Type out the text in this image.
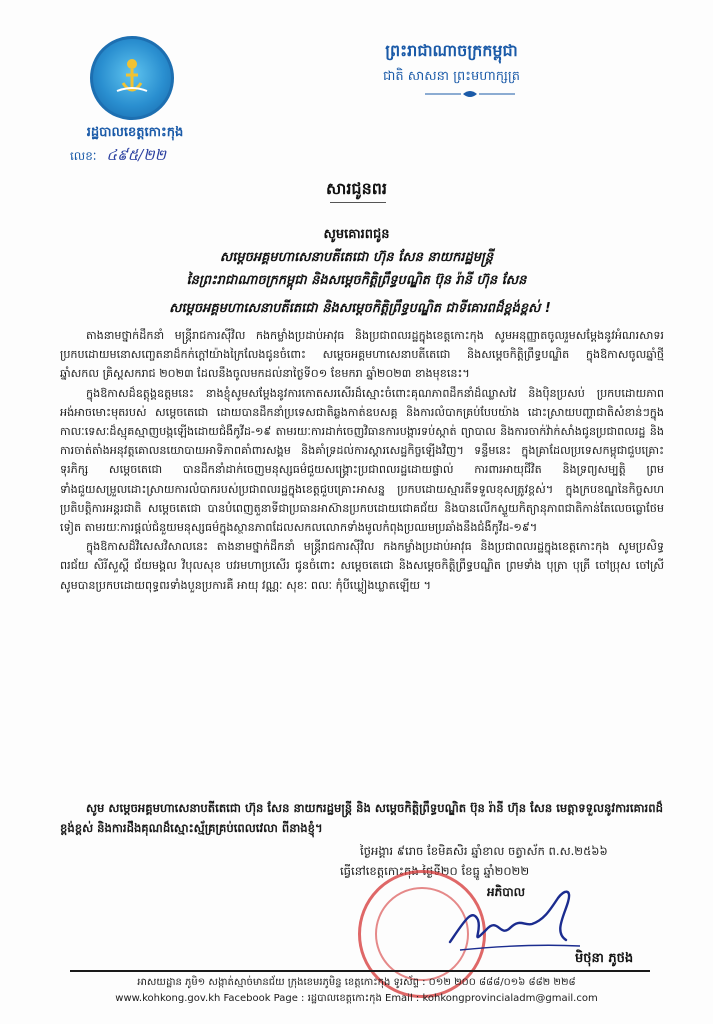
រដ្ឋបាលខេត្តកោះកុង
លេខៈ ៤៩៥/២២
ព្រះរាជាណាចក្រកម្ពុជា
ជាតិ សាសនា ព្រះមហាក្សត្រ
សារជូនពរ
សូមគោរពជូន
សម្តេចអគ្គមហាសេនាបតីតេជោ ហ៊ុន សែន នាយករដ្ឋមន្ត្រី
នៃព្រះរាជាណាចក្រកម្ពុជា និងសម្តេចកិត្តិព្រឹទ្ធបណ្ឌិត ប៊ុន រ៉ានី ហ៊ុន សែន
សម្តេចអគ្គមហាសេនាបតីតេជោ និងសម្តេចកិត្តិព្រឹទ្ធបណ្ឌិត ជាទីគោរពដ៏ខ្ពង់ខ្ពស់ !

តាងនាមថ្នាក់ដឹកនាំ មន្ត្រីរាជការស៊ីវិល កងកម្លាំងប្រដាប់អាវុធ និងប្រជាពលរដ្ឋក្នុងខេត្តកោះកុង សូមអនុញ្ញាតចូលរួមសម្តែងនូវអំណរសាទរ ប្រកបដោយមនោសញ្ចេតនាដ៏កក់ក្តៅយ៉ាងក្រៃលែងជូនចំពោះ សម្តេចអគ្គមហាសេនាបតីតេជោ និងសម្តេចកិត្តិព្រឹទ្ធបណ្ឌិត ក្នុងឱកាសចូលឆ្នាំថ្មី ឆ្នាំសកល គ្រិស្តសករាជ ២០២៣ ដែលនឹងចូលមកដល់នាថ្ងៃទី០១ ខែមករា ឆ្នាំ២០២៣ ខាងមុខនេះ។

ក្នុងឱកាសដ៏ឧត្តុង្គឧត្តមនេះ នាងខ្ញុំសូមសម្តែងនូវការកោតសរសើរដ៏ស្មោះចំពោះគុណភាពដឹកនាំដ៏ឈ្លាសវៃ និងប៉ិនប្រសប់ ប្រកបដោយភាពអង់អាចមោះមុតរបស់ សម្តេចតេជោ ដោយបានដឹកនាំប្រទេសជាតិឆ្លងកាត់ឧបសគ្គ និងការលំបាកគ្រប់បែបយ៉ាង ដោះស្រាយបញ្ហាជាតិសំខាន់ៗក្នុងកាលៈទេសៈដ៏ស្មុគស្មាញបង្កឡើងដោយជំងឺកូវីដ-១៩ តាមរយៈការដាក់ចេញវិធានការបង្ការទប់ស្កាត់ ព្យាបាល និងការចាក់វ៉ាក់សាំងជូនប្រជាពលរដ្ឋ និងការចាត់តាំងអនុវត្តគោលនយោបាយអាទិភាពគាំពារសង្គម និងគាំទ្រដល់ការស្តារសេដ្ឋកិច្ចឡើងវិញ។ ទន្ទឹមនេះ ក្នុងគ្រាដែលប្រទេសកម្ពុជាជួបគ្រោះទុរភិក្ស សម្តេចតេជោ បានដឹកនាំដាក់ចេញមនុស្សធម៌ជួយសង្គ្រោះប្រជាពលរដ្ឋដោយផ្ទាល់ ការពារអាយុជីវិត និងទ្រព្យសម្បត្តិ ព្រមទាំងជួយសម្រួលដោះស្រាយការលំបាករបស់ប្រជាពលរដ្ឋក្នុងខេត្តជួបគ្រោះអាសន្ន ប្រកបដោយស្មារតីទទួលខុសត្រូវខ្ពស់។ ក្នុងក្របខណ្ឌនៃកិច្ចសហប្រតិបត្តិការអន្តរជាតិ សម្តេចតេជោ បានបំពេញតួនាទីជាប្រធានអាស៊ានប្រកបដោយជោគជ័យ និងបានលើកស្ទួយកិត្យានុភាពជាតិកាន់តែលេចធ្លោថែមទៀត តាមរយៈការផ្តល់ជំនួយមនុស្សធម៌ក្នុងស្ថានភាពដែលសកលលោកទាំងមូលកំពុងប្រឈមប្រឆាំងនឹងជំងឺកូវីដ-១៩។

ក្នុងឱកាសដ៏វិសេសវិសាលនេះ តាងនាមថ្នាក់ដឹកនាំ មន្ត្រីរាជការស៊ីវិល កងកម្លាំងប្រដាប់អាវុធ និងប្រជាពលរដ្ឋក្នុងខេត្តកោះកុង សូមប្រសិទ្ធពរជ័យ សិរីសួស្តី ជ័យមង្គល វិបុលសុខ បវរមហាប្រសើរ ជូនចំពោះ សម្តេចតេជោ និងសម្តេចកិត្តិព្រឹទ្ធបណ្ឌិត ព្រមទាំង បុត្រា បុត្រី ចៅប្រុស ចៅស្រី សូមបានប្រកបដោយពុទ្ធពរទាំងបួនប្រការគឺ អាយុ វណ្ណៈ សុខៈ ពលៈ កុំបីឃ្លៀងឃ្លាតឡើយ ។

សូម សម្តេចអគ្គមហាសេនាបតីតេជោ ហ៊ុន សែន នាយករដ្ឋមន្ត្រី និង សម្តេចកិត្តិព្រឹទ្ធបណ្ឌិត ប៊ុន រ៉ានី ហ៊ុន សែន មេត្តាទទួលនូវការគោរពដ៏ខ្ពង់ខ្ពស់ និងការដឹងគុណដ៏ស្មោះស្ម័គ្រគ្រប់ពេលវេលា ពីនាងខ្ញុំ។
ថ្ងៃអង្គារ ៩រោច ខែមិគសិរ ឆ្នាំខាល ចត្វាស័ក ព.ស.២៥៦៦
ធ្វើនៅខេត្តកោះកុង ថ្ងៃទី២០ ខែធ្នូ ឆ្នាំ២០២២
អភិបាល
មិថុនា ភូថង
អាសយដ្ឋាន ភូមិ១ សង្កាត់ស្មាច់មានជ័យ ក្រុងខេមរភូមិន្ទ ខេត្តកោះកុង ទូរស័ព្ទ : ០១២ ២០០ ៨៨៨/០១៦ ៨៨២ ២២៨
www.kohkong.gov.kh Facebook Page : រដ្ឋបាលខេត្តកោះកុង Email : kohkongprovincialadm@gmail.com
